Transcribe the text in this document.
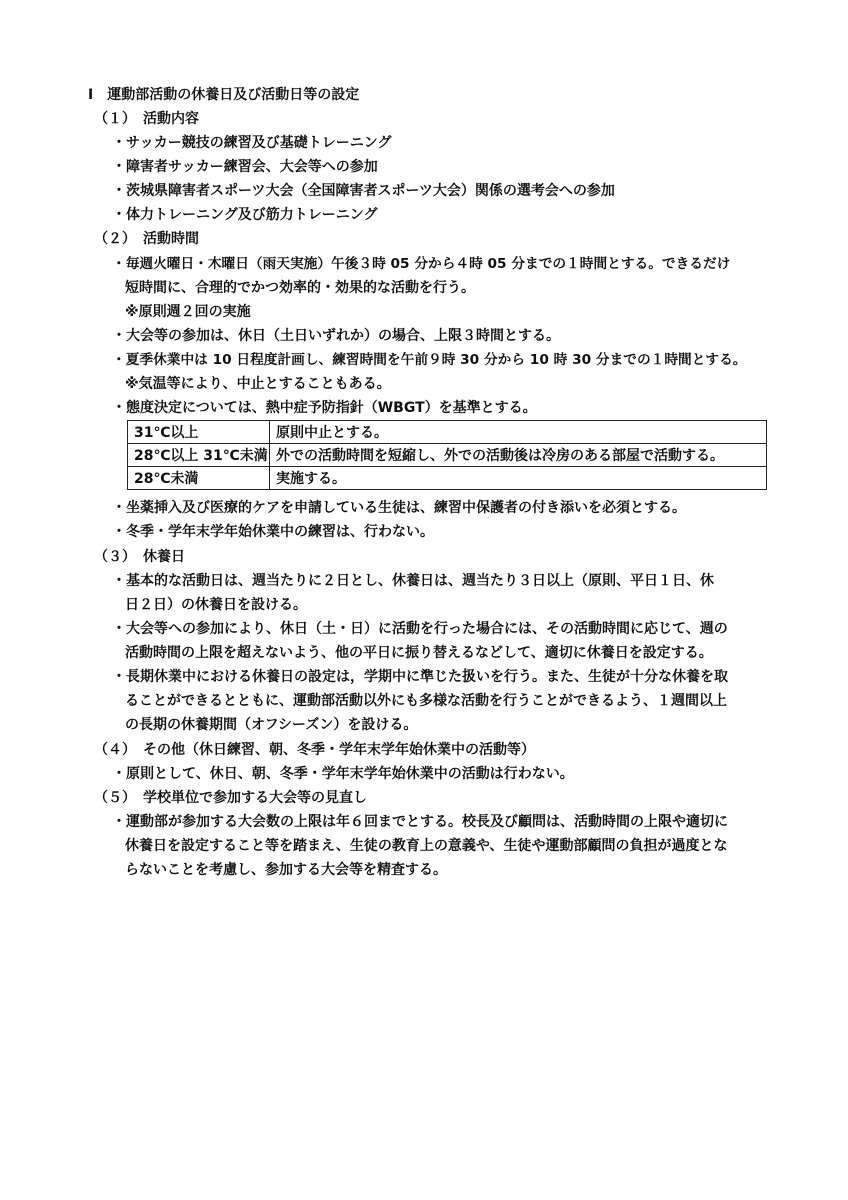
Ⅰ　運動部活動の休養日及び活動日等の設定
（１）　活動内容
・サッカー競技の練習及び基礎トレーニング
・障害者サッカー練習会、大会等への参加
・茨城県障害者スポーツ大会（全国障害者スポーツ大会）関係の選考会への参加
・体力トレーニング及び筋力トレーニング
（２）　活動時間
・毎週火曜日・木曜日（雨天実施）午後３時 05 分から４時 05 分までの１時間とする。できるだけ
短時間に、合理的でかつ効率的・効果的な活動を行う。
※原則週２回の実施
・大会等の参加は、休日（土日いずれか）の場合、上限３時間とする。
・夏季休業中は 10 日程度計画し、練習時間を午前９時 30 分から 10 時 30 分までの１時間とする。
※気温等により、中止とすることもある。
・態度決定については、熱中症予防指針（WBGT）を基準とする。
31℃以上	原則中止とする。
28℃以上 31℃未満	外での活動時間を短縮し、外での活動後は冷房のある部屋で活動する。
28℃未満	実施する。
・坐薬挿入及び医療的ケアを申請している生徒は、練習中保護者の付き添いを必須とする。
・冬季・学年末学年始休業中の練習は、行わない。
（３）　休養日
・基本的な活動日は、週当たりに２日とし、休養日は、週当たり３日以上（原則、平日１日、休
日２日）の休養日を設ける。
・大会等への参加により、休日（土・日）に活動を行った場合には、その活動時間に応じて、週の
活動時間の上限を超えないよう、他の平日に振り替えるなどして、適切に休養日を設定する。
・長期休業中における休養日の設定は，学期中に準じた扱いを行う。また、生徒が十分な休養を取
ることができるとともに、運動部活動以外にも多様な活動を行うことができるよう、１週間以上
の長期の休養期間（オフシーズン）を設ける。
（４）　その他（休日練習、朝、冬季・学年末学年始休業中の活動等）
・原則として、休日、朝、冬季・学年末学年始休業中の活動は行わない。
（５）　学校単位で参加する大会等の見直し
・運動部が参加する大会数の上限は年６回までとする。校長及び顧問は、活動時間の上限や適切に
休養日を設定すること等を踏まえ、生徒の教育上の意義や、生徒や運動部顧問の負担が過度とな
らないことを考慮し、参加する大会等を精査する。
